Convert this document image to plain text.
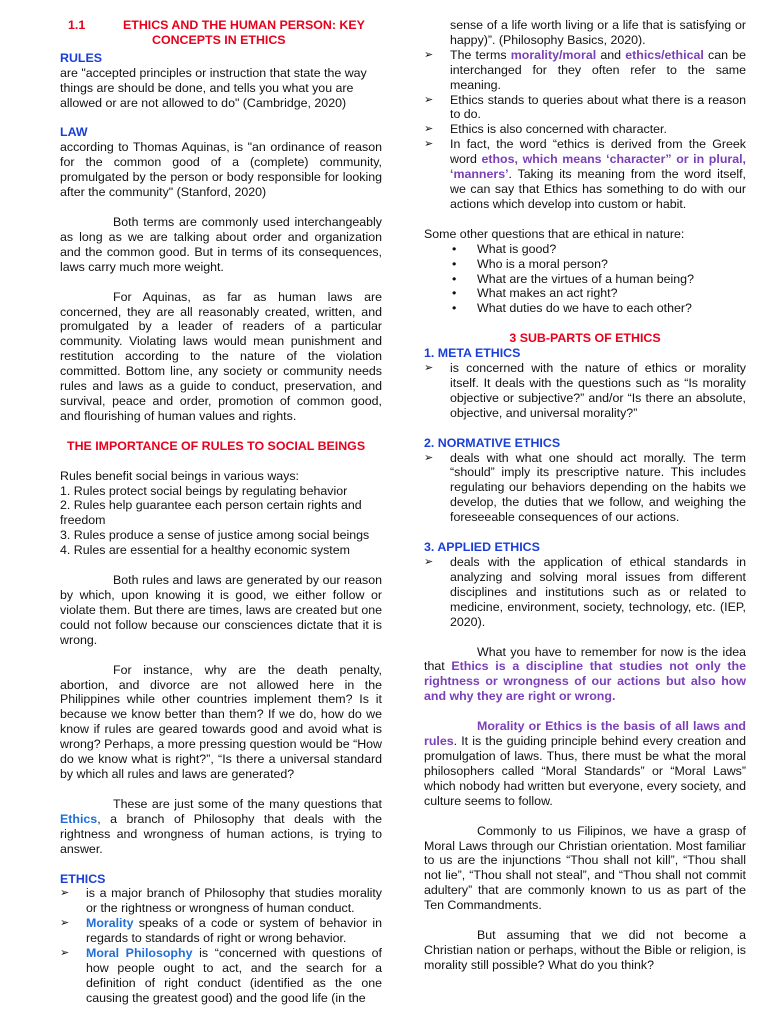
1.1	ETHICS AND THE HUMAN PERSON: KEY
CONCEPTS IN ETHICS

RULES

are "accepted principles or instruction that state the way things are should be done, and tells you what you are allowed or are not allowed to do" (Cambridge, 2020)

LAW

according to Thomas Aquinas, is "an ordinance of reason for the common good of a (complete) community, promulgated by the person or body responsible for looking after the community" (Stanford, 2020)

Both terms are commonly used interchangeably as long as we are talking about order and organization and the common good. But in terms of its consequences, laws carry much more weight.

For Aquinas, as far as human laws are concerned, they are all reasonably created, written, and promulgated by a leader of readers of a particular community. Violating laws would mean punishment and restitution according to the nature of the violation committed. Bottom line, any society or community needs rules and laws as a guide to conduct, preservation, and survival, peace and order, promotion of common good, and flourishing of human values and rights.

THE IMPORTANCE OF RULES TO SOCIAL BEINGS

Rules benefit social beings in various ways:

1. Rules protect social beings by regulating behavior

2. Rules help guarantee each person certain rights and freedom

3. Rules produce a sense of justice among social beings

4. Rules are essential for a healthy economic system

Both rules and laws are generated by our reason by which, upon knowing it is good, we either follow or violate them. But there are times, laws are created but one could not follow because our consciences dictate that it is wrong.

For instance, why are the death penalty, abortion, and divorce are not allowed here in the Philippines while other countries implement them? Is it because we know better than them? If we do, how do we know if rules are geared towards good and avoid what is wrong? Perhaps, a more pressing question would be “How do we know what is right?”, “Is there a universal standard by which all rules and laws are generated?

These are just some of the many questions that Ethics, a branch of Philosophy that deals with the rightness and wrongness of human actions, is trying to answer.

ETHICS

➢	is a major branch of Philosophy that studies morality or the rightness or wrongness of human conduct.
➢	Morality speaks of a code or system of behavior in regards to standards of right or wrong behavior.
➢	Moral Philosophy is “concerned with questions of how people ought to act, and the search for a definition of right conduct (identified as the one causing the greatest good) and the good life (in the

sense of a life worth living or a life that is satisfying or happy)”. (Philosophy Basics, 2020).

➢	The terms morality/moral and ethics/ethical can be interchanged for they often refer to the same meaning.
➢	Ethics stands to queries about what there is a reason to do.
➢	Ethics is also concerned with character.
➢	In fact, the word “ethics is derived from the Greek word ethos, which means ‘character” or in plural, ‘manners’. Taking its meaning from the word itself, we can say that Ethics has something to do with our actions which develop into custom or habit.

Some other questions that are ethical in nature:

• What is good?
• Who is a moral person?
• What are the virtues of a human being?
• What makes an act right?
• What duties do we have to each other?

3 SUB-PARTS OF ETHICS

1. META ETHICS

➢	is concerned with the nature of ethics or morality itself. It deals with the questions such as “Is morality objective or subjective?” and/or “Is there an absolute, objective, and universal morality?”

2. NORMATIVE ETHICS

➢	deals with what one should act morally. The term “should” imply its prescriptive nature. This includes regulating our behaviors depending on the habits we develop, the duties that we follow, and weighing the foreseeable consequences of our actions.

3. APPLIED ETHICS

➢	deals with the application of ethical standards in analyzing and solving moral issues from different disciplines and institutions such as or related to medicine, environment, society, technology, etc. (IEP, 2020).

What you have to remember for now is the idea that Ethics is a discipline that studies not only the rightness or wrongness of our actions but also how and why they are right or wrong.

Morality or Ethics is the basis of all laws and rules. It is the guiding principle behind every creation and promulgation of laws. Thus, there must be what the moral philosophers called “Moral Standards” or “Moral Laws” which nobody had written but everyone, every society, and culture seems to follow.

Commonly to us Filipinos, we have a grasp of Moral Laws through our Christian orientation. Most familiar to us are the injunctions “Thou shall not kill”, “Thou shall not lie”, “Thou shall not steal”, and “Thou shall not commit adultery” that are commonly known to us as part of the Ten Commandments.

But assuming that we did not become a Christian nation or perhaps, without the Bible or religion, is morality still possible? What do you think?
